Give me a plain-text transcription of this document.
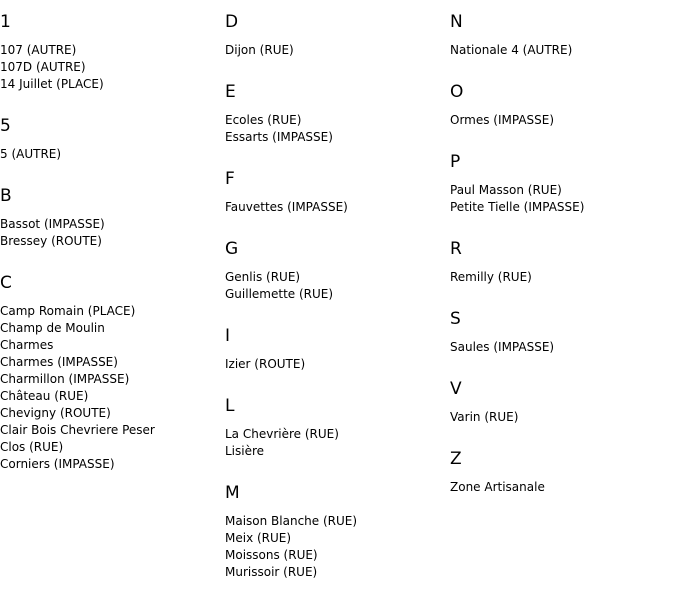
1
107 (AUTRE)
107D (AUTRE)
14 Juillet (PLACE)
5
5 (AUTRE)
B
Bassot (IMPASSE)
Bressey (ROUTE)
C
Camp Romain (PLACE)
Champ de Moulin
Charmes
Charmes (IMPASSE)
Charmillon (IMPASSE)
Château (RUE)
Chevigny (ROUTE)
Clair Bois Chevriere Peser
Clos (RUE)
Corniers (IMPASSE)
D
Dijon (RUE)
E
Ecoles (RUE)
Essarts (IMPASSE)
F
Fauvettes (IMPASSE)
G
Genlis (RUE)
Guillemette (RUE)
I
Izier (ROUTE)
L
La Chevrière (RUE)
Lisière
M
Maison Blanche (RUE)
Meix (RUE)
Moissons (RUE)
Murissoir (RUE)
N
Nationale 4 (AUTRE)
O
Ormes (IMPASSE)
P
Paul Masson (RUE)
Petite Tielle (IMPASSE)
R
Remilly (RUE)
S
Saules (IMPASSE)
V
Varin (RUE)
Z
Zone Artisanale
